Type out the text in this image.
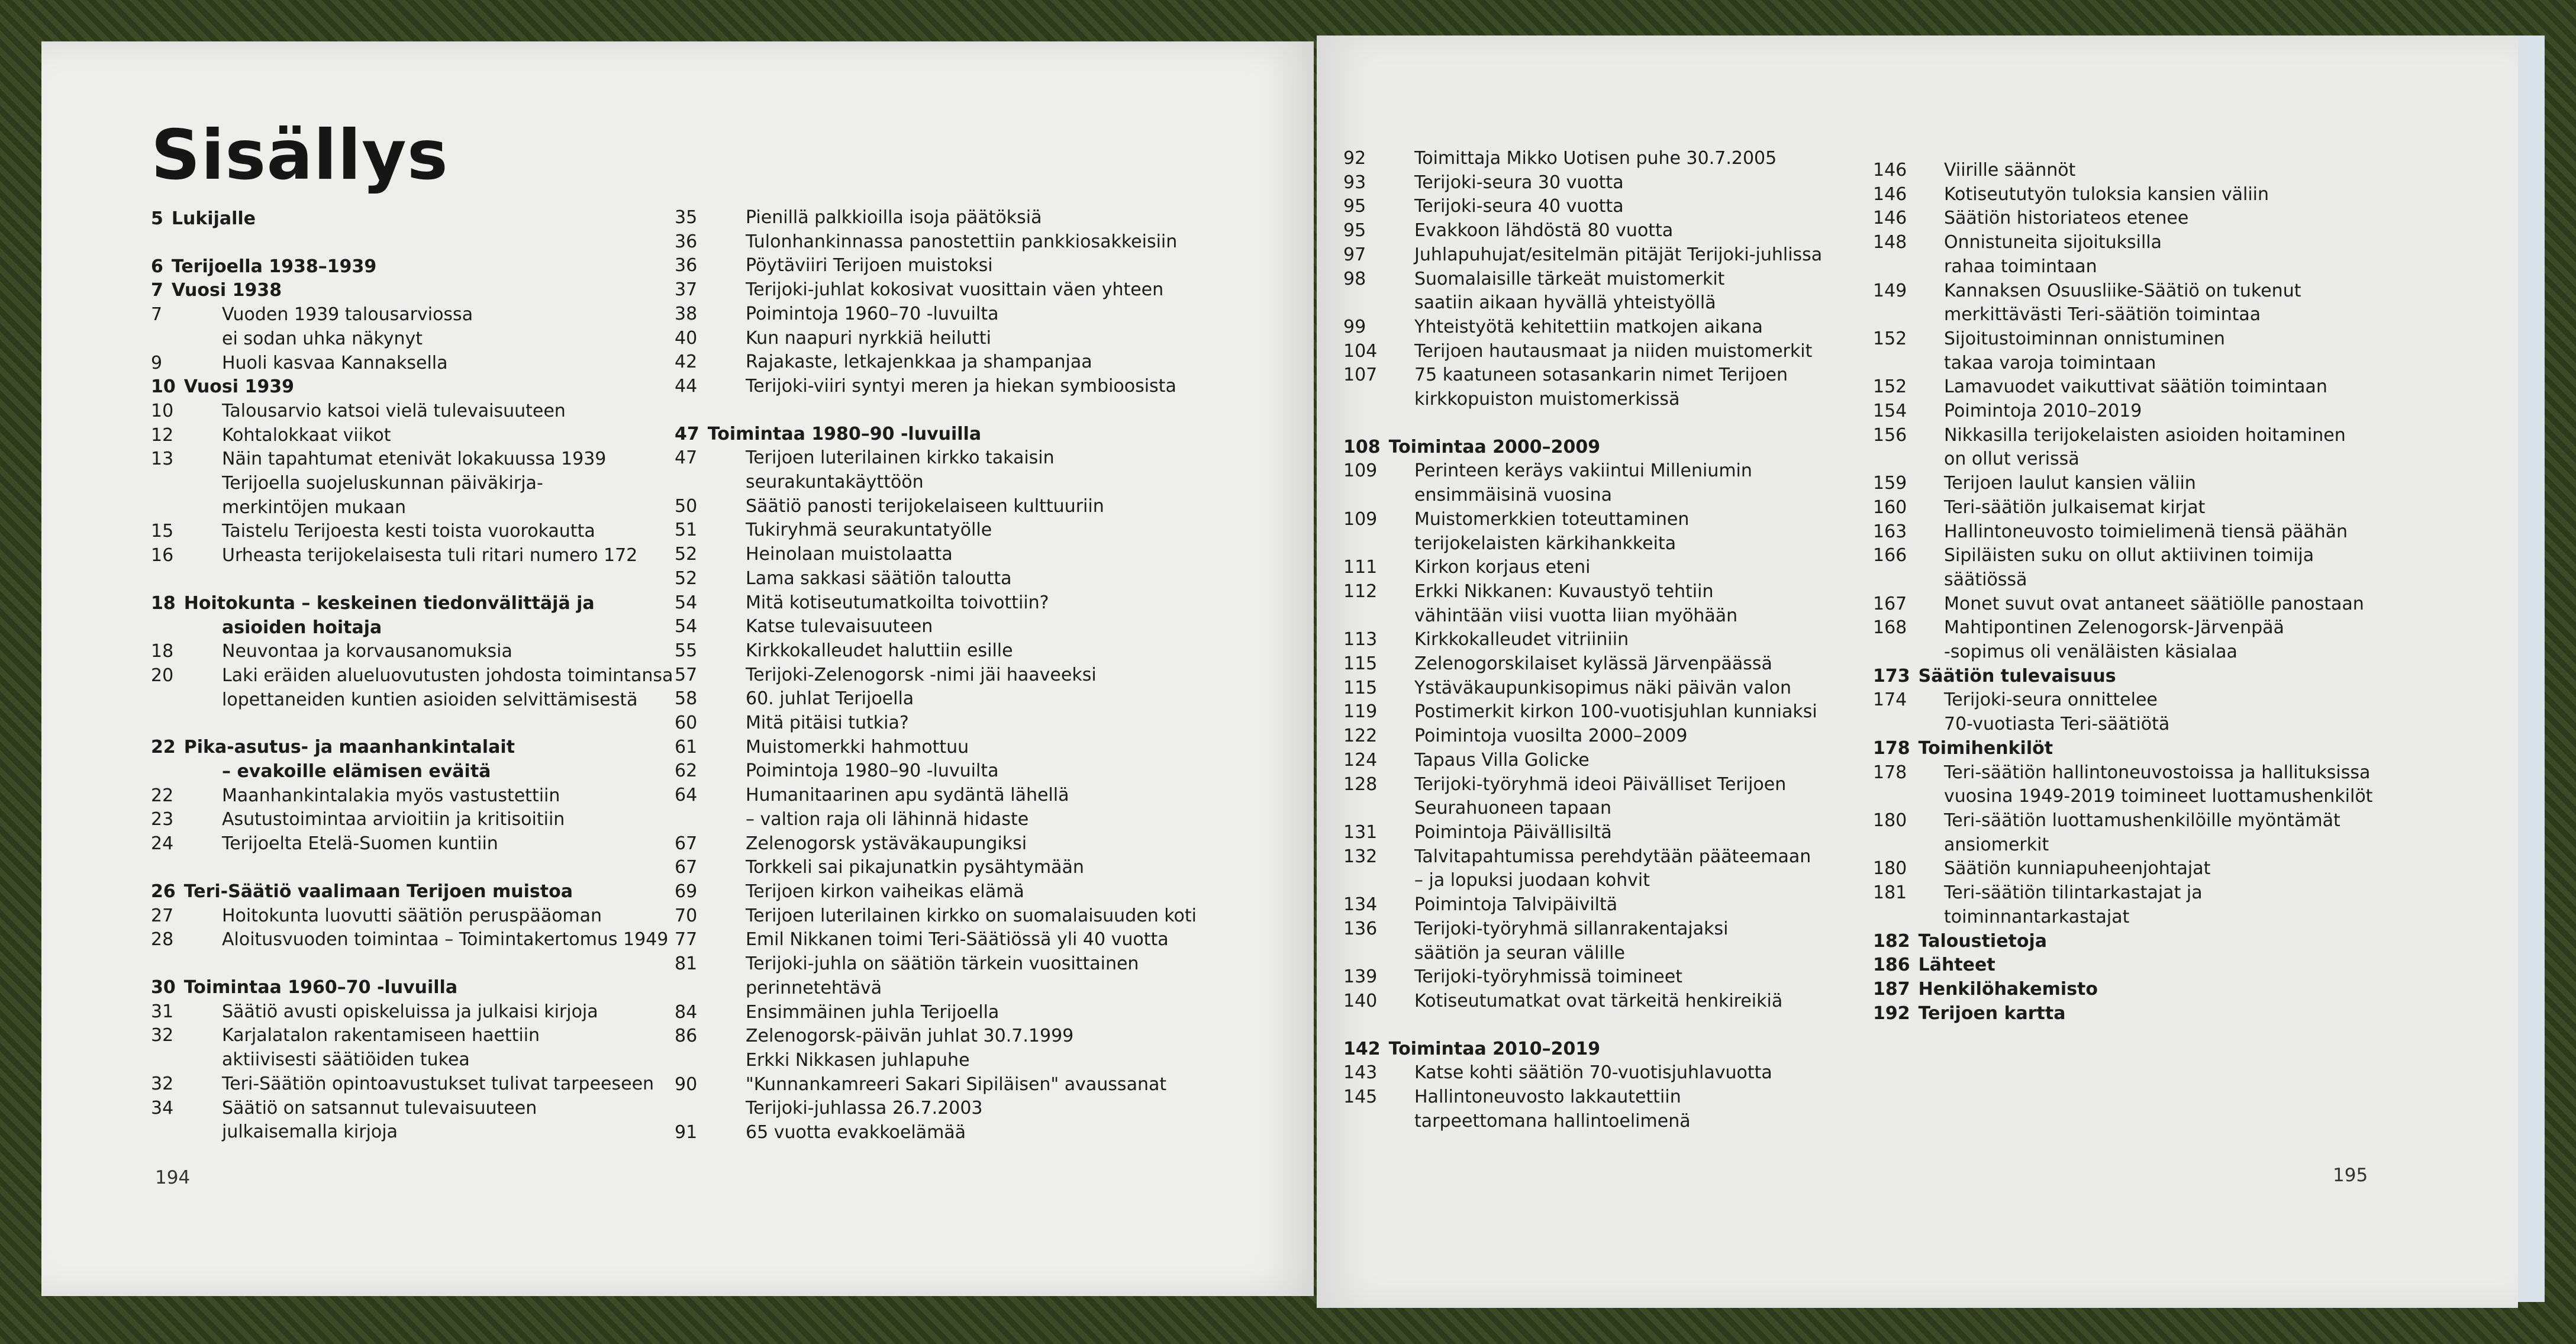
Sisällys
5 Lukijalle
6 Terijoella 1938–1939
7 Vuosi 1938
7	Vuoden 1939 talousarviossa
ei sodan uhka näkynyt
9	Huoli kasvaa Kannaksella
10 Vuosi 1939
10	Talousarvio katsoi vielä tulevaisuuteen
12	Kohtalokkaat viikot
13	Näin tapahtumat etenivät lokakuussa 1939
Terijoella suojeluskunnan päiväkirja-
merkintöjen mukaan
15	Taistelu Terijoesta kesti toista vuorokautta
16	Urheasta terijokelaisesta tuli ritari numero 172
18 Hoitokunta – keskeinen tiedonvälittäjä ja
asioiden hoitaja
18	Neuvontaa ja korvausanomuksia
20	Laki eräiden alueluovutusten johdosta toimintansa
lopettaneiden kuntien asioiden selvittämisestä
22 Pika-asutus- ja maanhankintalait
– evakoille elämisen eväitä
22	Maanhankintalakia myös vastustettiin
23	Asutustoimintaa arvioitiin ja kritisoitiin
24	Terijoelta Etelä-Suomen kuntiin
26 Teri-Säätiö vaalimaan Terijoen muistoa
27	Hoitokunta luovutti säätiön peruspääoman
28	Aloitusvuoden toimintaa – Toimintakertomus 1949
30 Toimintaa 1960–70 -luvuilla
31	Säätiö avusti opiskeluissa ja julkaisi kirjoja
32	Karjalatalon rakentamiseen haettiin
aktiivisesti säätiöiden tukea
32	Teri-Säätiön opintoavustukset tulivat tarpeeseen
34	Säätiö on satsannut tulevaisuuteen
julkaisemalla kirjoja
35	Pienillä palkkioilla isoja päätöksiä
36	Tulonhankinnassa panostettiin pankkiosakkeisiin
36	Pöytäviiri Terijoen muistoksi
37	Terijoki-juhlat kokosivat vuosittain väen yhteen
38	Poimintoja 1960–70 -luvuilta
40	Kun naapuri nyrkkiä heilutti
42	Rajakaste, letkajenkkaa ja shampanjaa
44	Terijoki-viiri syntyi meren ja hiekan symbioosista
47 Toimintaa 1980–90 -luvuilla
47	Terijoen luterilainen kirkko takaisin
seurakuntakäyttöön
50	Säätiö panosti terijokelaiseen kulttuuriin
51	Tukiryhmä seurakuntatyölle
52	Heinolaan muistolaatta
52	Lama sakkasi säätiön taloutta
54	Mitä kotiseutumatkoilta toivottiin?
54	Katse tulevaisuuteen
55	Kirkkokalleudet haluttiin esille
57	Terijoki-Zelenogorsk -nimi jäi haaveeksi
58	60. juhlat Terijoella
60	Mitä pitäisi tutkia?
61	Muistomerkki hahmottuu
62	Poimintoja 1980–90 -luvuilta
64	Humanitaarinen apu sydäntä lähellä
– valtion raja oli lähinnä hidaste
67	Zelenogorsk ystäväkaupungiksi
67	Torkkeli sai pikajunatkin pysähtymään
69	Terijoen kirkon vaiheikas elämä
70	Terijoen luterilainen kirkko on suomalaisuuden koti
77	Emil Nikkanen toimi Teri-Säätiössä yli 40 vuotta
81	Terijoki-juhla on säätiön tärkein vuosittainen
perinnetehtävä
84	Ensimmäinen juhla Terijoella
86	Zelenogorsk-päivän juhlat 30.7.1999
Erkki Nikkasen juhlapuhe
90	"Kunnankamreeri Sakari Sipiläisen" avaussanat
Terijoki-juhlassa 26.7.2003
91	65 vuotta evakkoelämää
92	Toimittaja Mikko Uotisen puhe 30.7.2005
93	Terijoki-seura 30 vuotta
95	Terijoki-seura 40 vuotta
95	Evakkoon lähdöstä 80 vuotta
97	Juhlapuhujat/esitelmän pitäjät Terijoki-juhlissa
98	Suomalaisille tärkeät muistomerkit
saatiin aikaan hyvällä yhteistyöllä
99	Yhteistyötä kehitettiin matkojen aikana
104	Terijoen hautausmaat ja niiden muistomerkit
107	75 kaatuneen sotasankarin nimet Terijoen
kirkkopuiston muistomerkissä
108 Toimintaa 2000–2009
109	Perinteen keräys vakiintui Milleniumin
ensimmäisinä vuosina
109	Muistomerkkien toteuttaminen
terijokelaisten kärkihankkeita
111	Kirkon korjaus eteni
112	Erkki Nikkanen: Kuvaustyö tehtiin
vähintään viisi vuotta liian myöhään
113	Kirkkokalleudet vitriiniin
115	Zelenogorskilaiset kylässä Järvenpäässä
115	Ystäväkaupunkisopimus näki päivän valon
119	Postimerkit kirkon 100-vuotisjuhlan kunniaksi
122	Poimintoja vuosilta 2000–2009
124	Tapaus Villa Golicke
128	Terijoki-työryhmä ideoi Päivälliset Terijoen
Seurahuoneen tapaan
131	Poimintoja Päivällisiltä
132	Talvitapahtumissa perehdytään pääteemaan
– ja lopuksi juodaan kohvit
134	Poimintoja Talvipäiviltä
136	Terijoki-työryhmä sillanrakentajaksi
säätiön ja seuran välille
139	Terijoki-työryhmissä toimineet
140	Kotiseutumatkat ovat tärkeitä henkireikiä
142 Toimintaa 2010–2019
143	Katse kohti säätiön 70-vuotisjuhlavuotta
145	Hallintoneuvosto lakkautettiin
tarpeettomana hallintoelimenä
146	Viirille säännöt
146	Kotiseututyön tuloksia kansien väliin
146	Säätiön historiateos etenee
148	Onnistuneita sijoituksilla
rahaa toimintaan
149	Kannaksen Osuusliike-Säätiö on tukenut
merkittävästi Teri-säätiön toimintaa
152	Sijoitustoiminnan onnistuminen
takaa varoja toimintaan
152	Lamavuodet vaikuttivat säätiön toimintaan
154	Poimintoja 2010–2019
156	Nikkasilla terijokelaisten asioiden hoitaminen
on ollut verissä
159	Terijoen laulut kansien väliin
160	Teri-säätiön julkaisemat kirjat
163	Hallintoneuvosto toimielimenä tiensä päähän
166	Sipiläisten suku on ollut aktiivinen toimija
säätiössä
167	Monet suvut ovat antaneet säätiölle panostaan
168	Mahtipontinen Zelenogorsk-Järvenpää
-sopimus oli venäläisten käsialaa
173 Säätiön tulevaisuus
174	Terijoki-seura onnittelee
70-vuotiasta Teri-säätiötä
178 Toimihenkilöt
178	Teri-säätiön hallintoneuvostoissa ja hallituksissa
vuosina 1949-2019 toimineet luottamushenkilöt
180	Teri-säätiön luottamushenkilöille myöntämät
ansiomerkit
180	Säätiön kunniapuheenjohtajat
181	Teri-säätiön tilintarkastajat ja
toiminnantarkastajat
182 Taloustietoja
186 Lähteet
187 Henkilöhakemisto
192 Terijoen kartta
194	195
